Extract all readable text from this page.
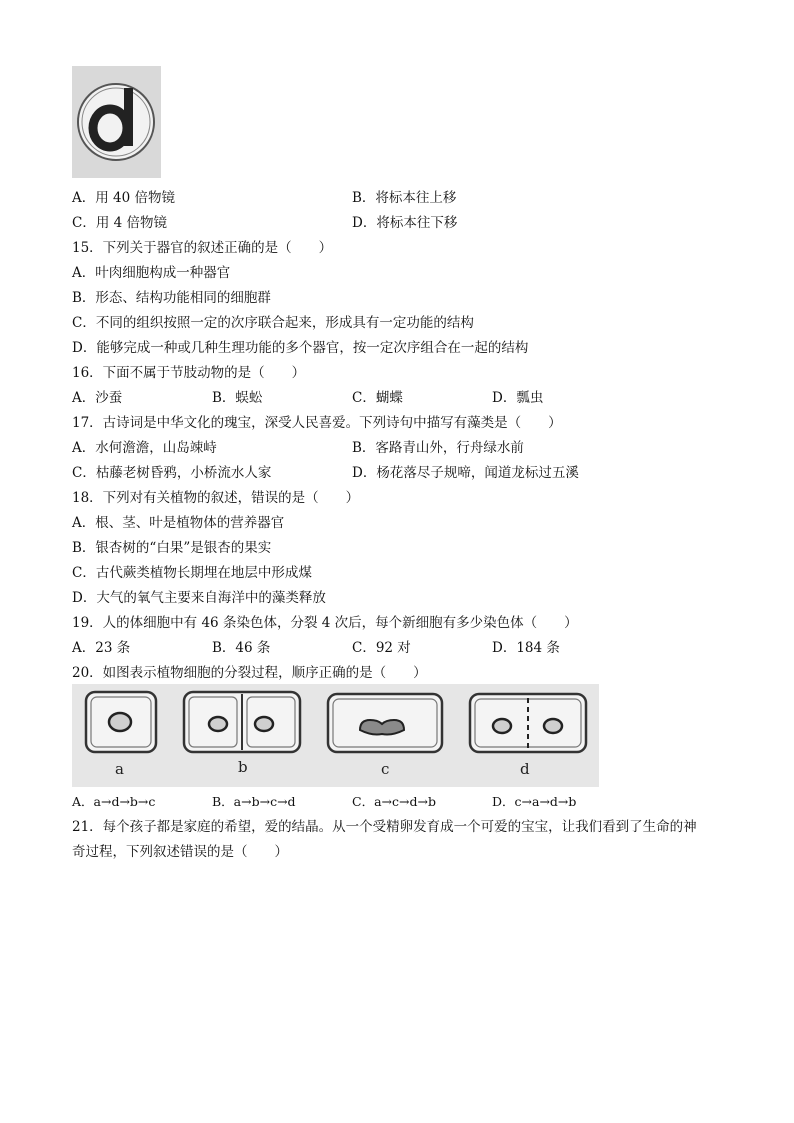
A．用 40 倍物镜	B．将标本往上移
C．用 4 倍物镜	D．将标本往下移
15．下列关于器官的叙述正确的是（　　）
A．叶肉细胞构成一种器官
B．形态、结构功能相同的细胞群
C．不同的组织按照一定的次序联合起来，形成具有一定功能的结构
D．能够完成一种或几种生理功能的多个器官，按一定次序组合在一起的结构
16．下面不属于节肢动物的是（　　）
A．沙蚕	B．蜈蚣	C．蝴蝶	D．瓢虫
17．古诗词是中华文化的瑰宝，深受人民喜爱。下列诗句中描写有藻类是（　　）
A．水何澹澹，山岛竦峙	B．客路青山外，行舟绿水前
C．枯藤老树昏鸦，小桥流水人家	D．杨花落尽子规啼，闻道龙标过五溪
18．下列对有关植物的叙述，错误的是（　　）
A．根、茎、叶是植物体的营养器官
B．银杏树的“白果”是银杏的果实
C．古代蕨类植物长期埋在地层中形成煤
D．大气的氧气主要来自海洋中的藻类释放
19．人的体细胞中有 46 条染色体，分裂 4 次后，每个新细胞有多少染色体（　　）
A．23 条	B．46 条	C．92 对	D．184 条
20．如图表示植物细胞的分裂过程，顺序正确的是（　　）
a	b	c	d
A．a→d→b→c	B．a→b→c→d	C．a→c→d→b	D．c→a→d→b
21．每个孩子都是家庭的希望，爱的结晶。从一个受精卵发育成一个可爱的宝宝，让我们看到了生命的神
奇过程，下列叙述错误的是（　　）
